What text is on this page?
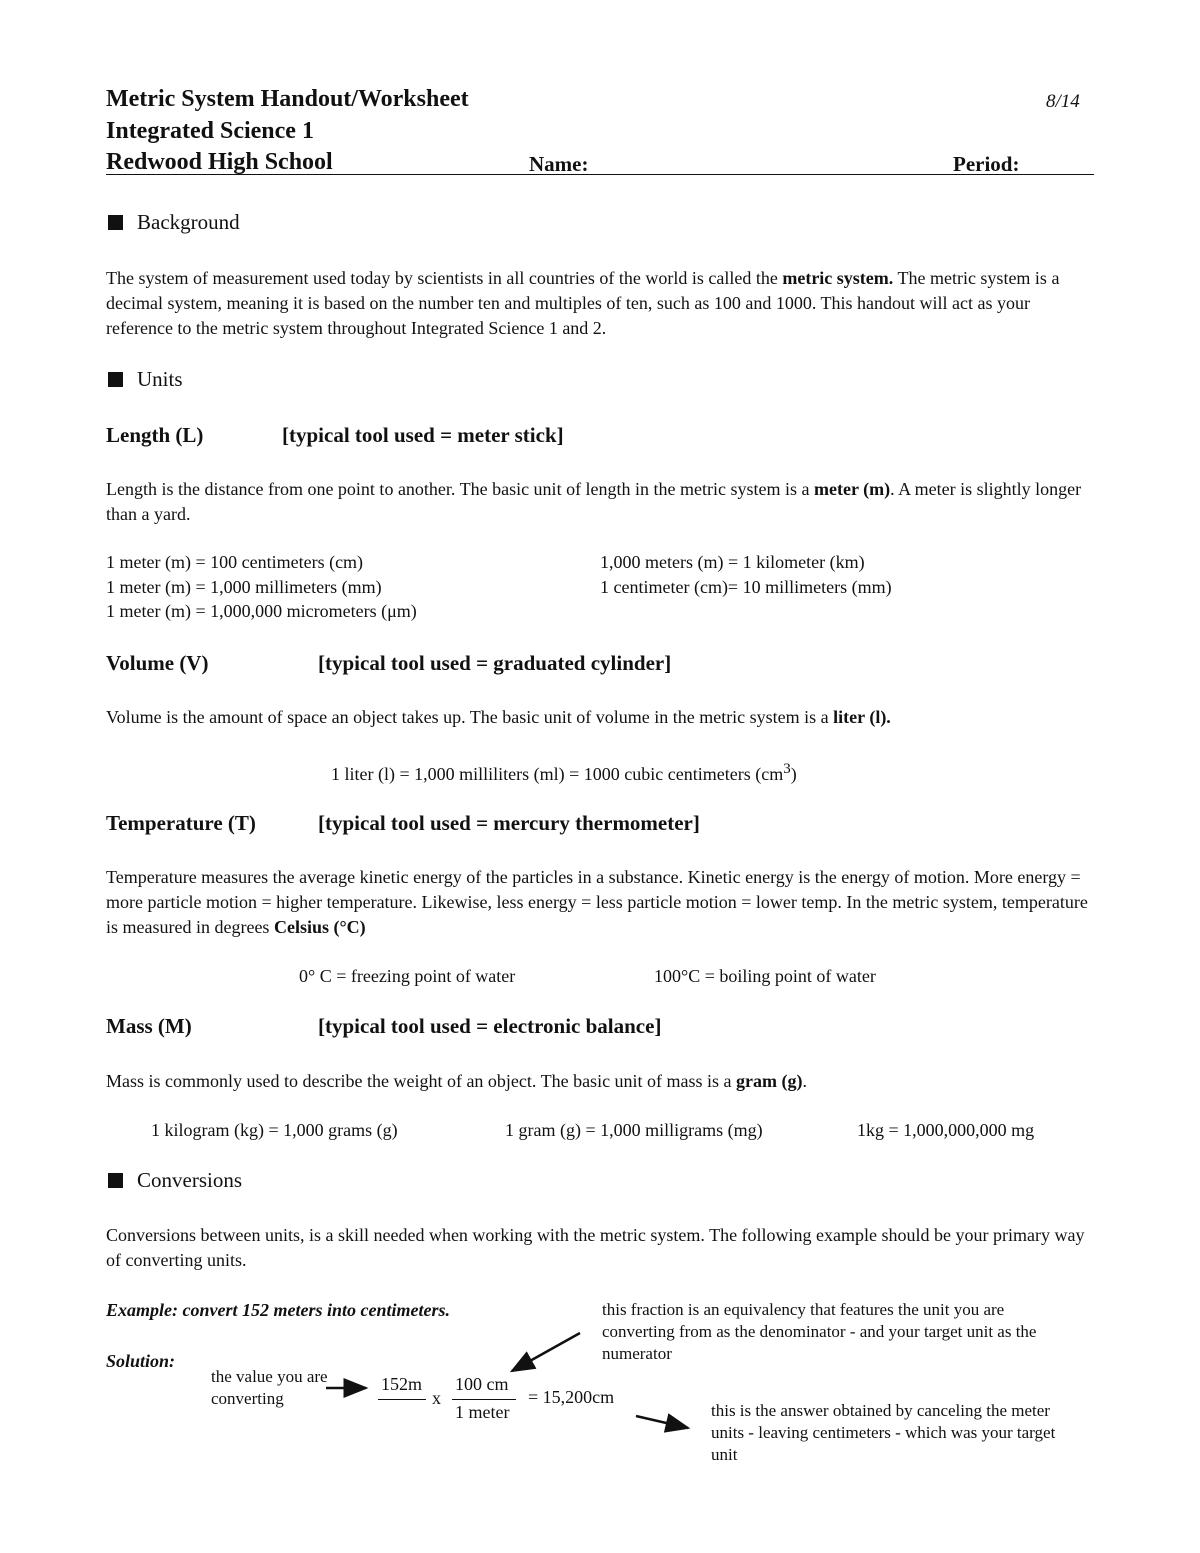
Metric System Handout/Worksheet	8/14
Integrated Science 1
Redwood High School	Name:	Period:
Background
The system of measurement used today by scientists in all countries of the world is called the metric system. The metric system is a decimal system, meaning it is based on the number ten and multiples of ten, such as 100 and 1000. This handout will act as your reference to the metric system throughout Integrated Science 1 and 2.
Units
Length (L)	[typical tool used = meter stick]
Length is the distance from one point to another. The basic unit of length in the metric system is a meter (m). A meter is slightly longer than a yard.
1 meter (m) = 100 centimeters (cm)
1 meter (m) = 1,000 millimeters (mm)
1 meter (m) = 1,000,000 micrometers (μm)
1,000 meters (m) = 1 kilometer (km)
1 centimeter (cm)= 10 millimeters (mm)
Volume (V)	[typical tool used = graduated cylinder]
Volume is the amount of space an object takes up. The basic unit of volume in the metric system is a liter (l).
1 liter (l) = 1,000 milliliters (ml) = 1000 cubic centimeters $(cm^3)$
Temperature (T)	[typical tool used = mercury thermometer]
Temperature measures the average kinetic energy of the particles in a substance. Kinetic energy is the energy of motion. More energy = more particle motion = higher temperature. Likewise, less energy = less particle motion = lower temp. In the metric system, temperature is measured in degrees Celsius (°C)
0° C = freezing point of water	100°C = boiling point of water
Mass (M)	[typical tool used = electronic balance]
Mass is commonly used to describe the weight of an object. The basic unit of mass is a gram (g).
1 kilogram (kg) = 1,000 grams (g)	1 gram (g) = 1,000 milligrams (mg)	1kg = 1,000,000,000 mg
Conversions
Conversions between units, is a skill needed when working with the metric system. The following example should be your primary way of converting units.
Example: convert 152 meters into centimeters.
Solution:
the value you are converting
152m
x
100 cm
1 meter
= 15,200cm
this fraction is an equivalency that features the unit you are converting from as the denominator - and your target unit as the numerator
this is the answer obtained by canceling the meter units - leaving centimeters - which was your target unit
